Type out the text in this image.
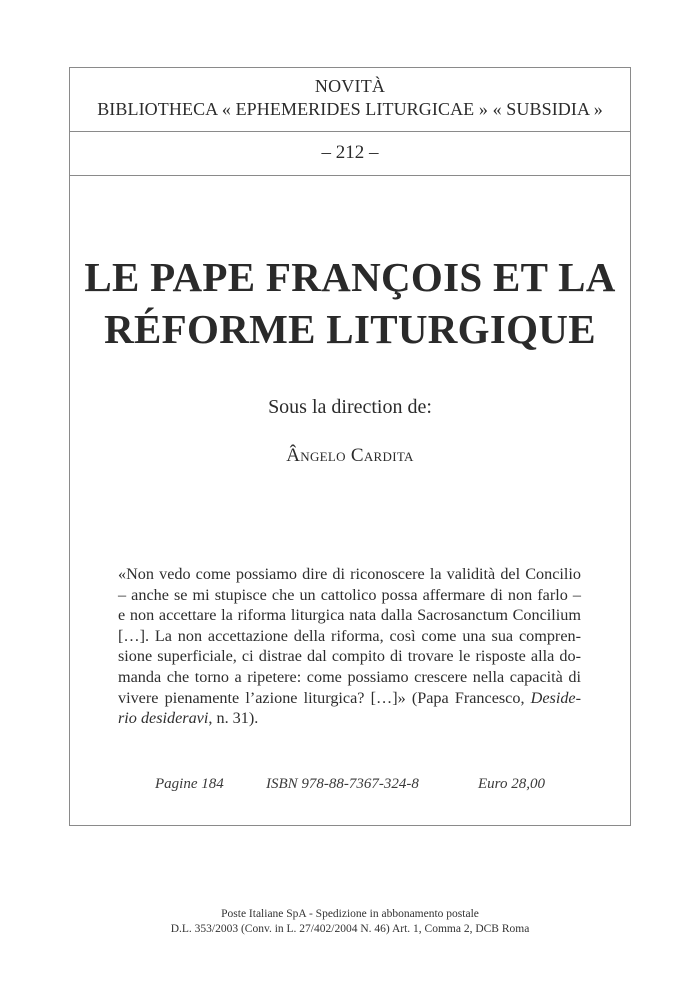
NOVITÀ
BIBLIOTHECA « EPHEMERIDES LITURGICAE » « SUBSIDIA »
– 212 –
LE PAPE FRANÇOIS ET LA
RÉFORME LITURGIQUE
Sous la direction de:
Ângelo Cardita
«Non vedo come possiamo dire di riconoscere la validità del Concilio
– anche se mi stupisce che un cattolico possa affermare di non farlo –
e non accettare la riforma liturgica nata dalla Sacrosanctum Concilium
[…]. La non accettazione della riforma, così come una sua compren-
sione superficiale, ci distrae dal compito di trovare le risposte alla do-
manda che torno a ripetere: come possiamo crescere nella capacità di
vivere pienamente l’azione liturgica? […]» (Papa Francesco, Deside-
rio desideravi, n. 31).
Pagine 184	ISBN 978-88-7367-324-8	Euro 28,00
Poste Italiane SpA - Spedizione in abbonamento postale
D.L. 353/2003 (Conv. in L. 27/402/2004 N. 46) Art. 1, Comma 2, DCB Roma
